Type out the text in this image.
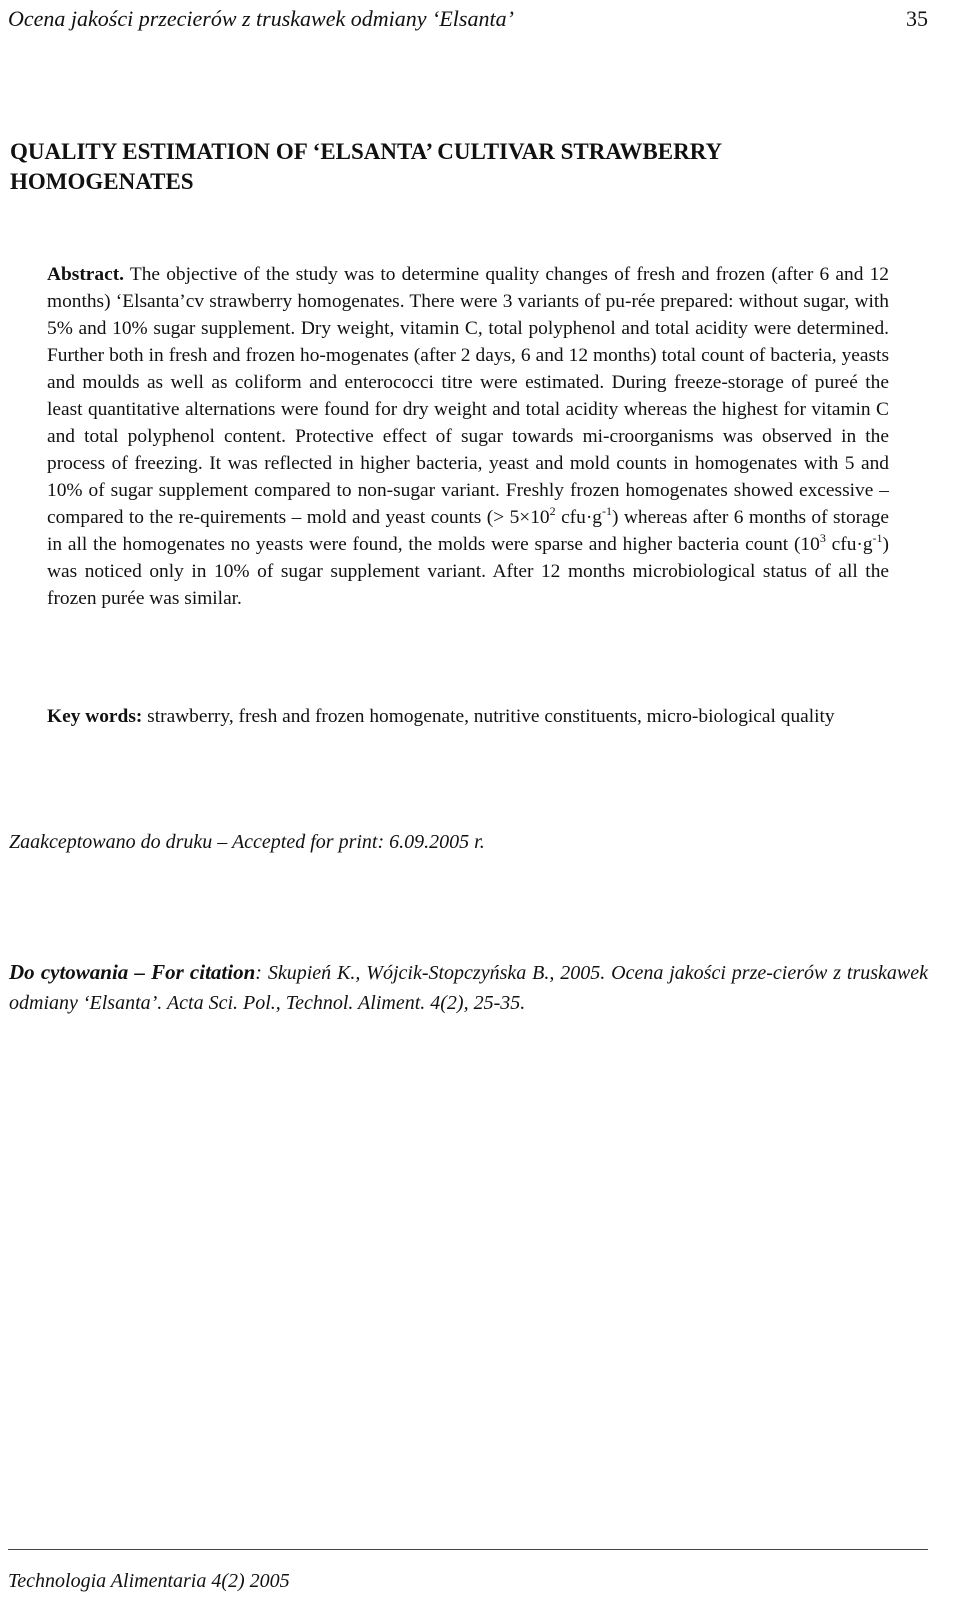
Ocena jakości przecierów z truskawek odmiany ‘Elsanta’	35
QUALITY ESTIMATION OF ‘ELSANTA’ CULTIVAR STRAWBERRY
HOMOGENATES

Abstract. The objective of the study was to determine quality changes of fresh and frozen (after 6 and 12 months) ‘Elsanta’cv strawberry homogenates. There were 3 variants of pu-rée prepared: without sugar, with 5% and 10% sugar supplement. Dry weight, vitamin C, total polyphenol and total acidity were determined. Further both in fresh and frozen ho-mogenates (after 2 days, 6 and 12 months) total count of bacteria, yeasts and moulds as well as coliform and enterococci titre were estimated. During freeze-storage of pureé the least quantitative alternations were found for dry weight and total acidity whereas the highest for vitamin C and total polyphenol content. Protective effect of sugar towards mi-croorganisms was observed in the process of freezing. It was reflected in higher bacteria, yeast and mold counts in homogenates with 5 and 10% of sugar supplement compared to non-sugar variant. Freshly frozen homogenates showed excessive – compared to the re-quirements – mold and yeast counts (> $5\times 10^2$ $cfu\cdot g^{-1}$) whereas after 6 months of storage in all the homogenates no yeasts were found, the molds were sparse and higher bacteria count ($10^3$ $cfu\cdot g^{-1}$) was noticed only in 10% of sugar supplement variant. After 12 months microbiological status of all the frozen purée was similar.

Key words: strawberry, fresh and frozen homogenate, nutritive constituents, micro-biological quality

Zaakceptowano do druku – Accepted for print: 6.09.2005 r.

Do cytowania – For citation: Skupień K., Wójcik-Stopczyńska B., 2005. Ocena jakości prze-cierów z truskawek odmiany ‘Elsanta’. Acta Sci. Pol., Technol. Aliment. 4(2), 25-35.

Technologia Alimentaria 4(2) 2005
